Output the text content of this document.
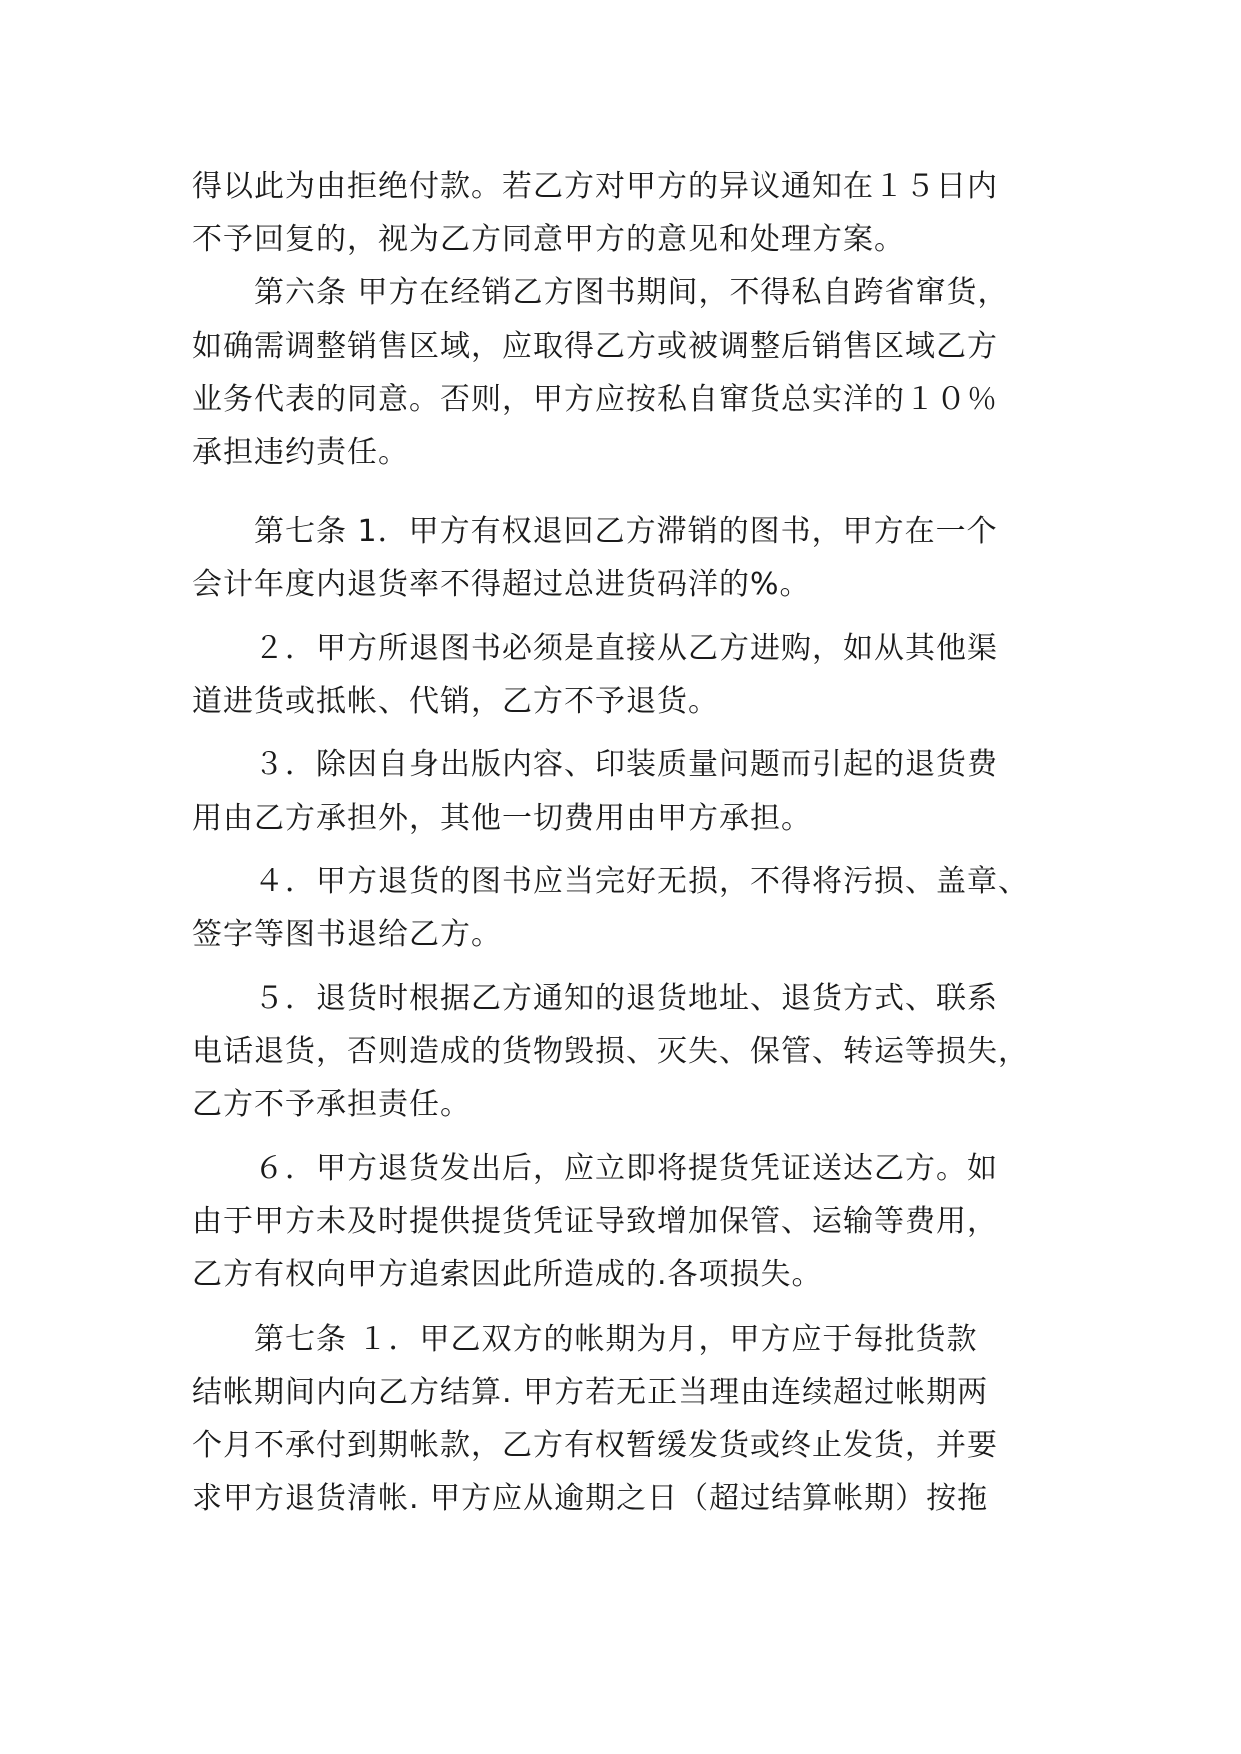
得以此为由拒绝付款。若乙方对甲方的异议通知在１５日内
不予回复的，视为乙方同意甲方的意见和处理方案。
　　第六条 甲方在经销乙方图书期间，不得私自跨省窜货，
如确需调整销售区域，应取得乙方或被调整后销售区域乙方
业务代表的同意。否则，甲方应按私自窜货总实洋的１０％
承担违约责任。
　　第七条 1．甲方有权退回乙方滞销的图书，甲方在一个
会计年度内退货率不得超过总进货码洋的%。
　　２．甲方所退图书必须是直接从乙方进购，如从其他渠
道进货或抵帐、代销，乙方不予退货。
　　３．除因自身出版内容、印装质量问题而引起的退货费
用由乙方承担外，其他一切费用由甲方承担。
　　４．甲方退货的图书应当完好无损，不得将污损、盖章、
签字等图书退给乙方。
　　５．退货时根据乙方通知的退货地址、退货方式、联系
电话退货，否则造成的货物毁损、灭失、保管、转运等损失，
乙方不予承担责任。
　　６．甲方退货发出后，应立即将提货凭证送达乙方。如
由于甲方未及时提供提货凭证导致增加保管、运输等费用，
乙方有权向甲方追索因此所造成的.各项损失。
　　第七条 １．甲乙双方的帐期为月，甲方应于每批货款
结帐期间内向乙方结算. 甲方若无正当理由连续超过帐期两
个月不承付到期帐款，乙方有权暂缓发货或终止发货，并要
求甲方退货清帐. 甲方应从逾期之日（超过结算帐期）按拖
